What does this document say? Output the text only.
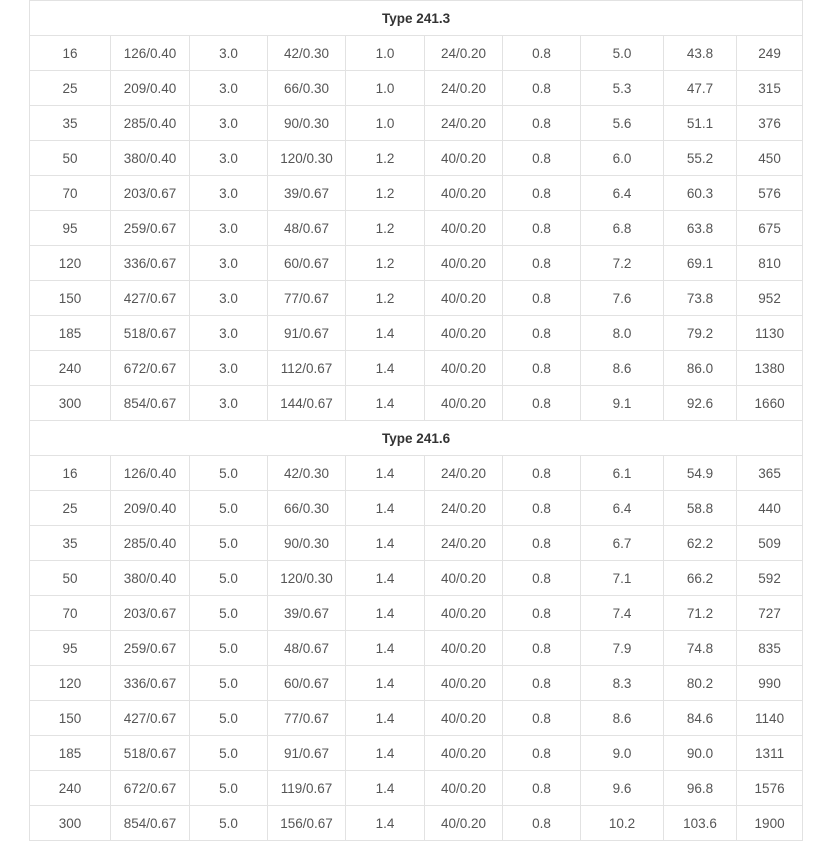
Type 241.3									
16	126/0.40	3.0	42/0.30	1.0	24/0.20	0.8	5.0	43.8	249
25	209/0.40	3.0	66/0.30	1.0	24/0.20	0.8	5.3	47.7	315
35	285/0.40	3.0	90/0.30	1.0	24/0.20	0.8	5.6	51.1	376
50	380/0.40	3.0	120/0.30	1.2	40/0.20	0.8	6.0	55.2	450
70	203/0.67	3.0	39/0.67	1.2	40/0.20	0.8	6.4	60.3	576
95	259/0.67	3.0	48/0.67	1.2	40/0.20	0.8	6.8	63.8	675
120	336/0.67	3.0	60/0.67	1.2	40/0.20	0.8	7.2	69.1	810
150	427/0.67	3.0	77/0.67	1.2	40/0.20	0.8	7.6	73.8	952
185	518/0.67	3.0	91/0.67	1.4	40/0.20	0.8	8.0	79.2	1130
240	672/0.67	3.0	112/0.67	1.4	40/0.20	0.8	8.6	86.0	1380
300	854/0.67	3.0	144/0.67	1.4	40/0.20	0.8	9.1	92.6	1660
Type 241.6									
16	126/0.40	5.0	42/0.30	1.4	24/0.20	0.8	6.1	54.9	365
25	209/0.40	5.0	66/0.30	1.4	24/0.20	0.8	6.4	58.8	440
35	285/0.40	5.0	90/0.30	1.4	24/0.20	0.8	6.7	62.2	509
50	380/0.40	5.0	120/0.30	1.4	40/0.20	0.8	7.1	66.2	592
70	203/0.67	5.0	39/0.67	1.4	40/0.20	0.8	7.4	71.2	727
95	259/0.67	5.0	48/0.67	1.4	40/0.20	0.8	7.9	74.8	835
120	336/0.67	5.0	60/0.67	1.4	40/0.20	0.8	8.3	80.2	990
150	427/0.67	5.0	77/0.67	1.4	40/0.20	0.8	8.6	84.6	1140
185	518/0.67	5.0	91/0.67	1.4	40/0.20	0.8	9.0	90.0	1311
240	672/0.67	5.0	119/0.67	1.4	40/0.20	0.8	9.6	96.8	1576
300	854/0.67	5.0	156/0.67	1.4	40/0.20	0.8	10.2	103.6	1900
